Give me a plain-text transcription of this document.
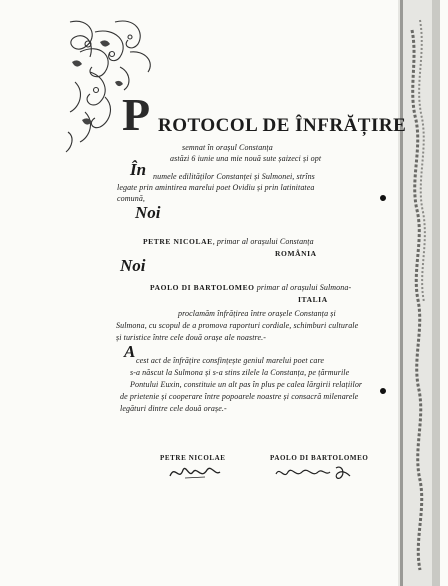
P ROTOCOL DE ÎNFRĂȚIRE
semnat în orașul Constanța
astăzi 6 iunie una mie nouă sute șaizeci și opt
În numele edilităților Constanței și Sulmonei, strîns
legate prin amintirea marelui poet Ovidiu și prin latinitatea
comună,
Noi
PETRE NICOLAE, primar al orașului Constanța
ROMÂNIA
Noi
PAOLO DI BARTOLOMEO primar al orașului Sulmona-
ITALIA
proclamăm înfrățirea între orașele Constanța și
Sulmona, cu scopul de a promova raporturi cordiale, schimburi culturale
și turistice între cele două orașe ale noastre.-
A cest act de înfrățire consfințește geniul marelui poet care
s-a născut la Sulmona și s-a stins zilele la Constanța, pe țărmurile
Pontului Euxin, constituie un alt pas în plus pe calea lărgirii relațiilor
de prietenie și cooperare între popoarele noastre și consacră milenarele
legături dintre cele două orașe.-
PETRE NICOLAE	PAOLO DI BARTOLOMEO
